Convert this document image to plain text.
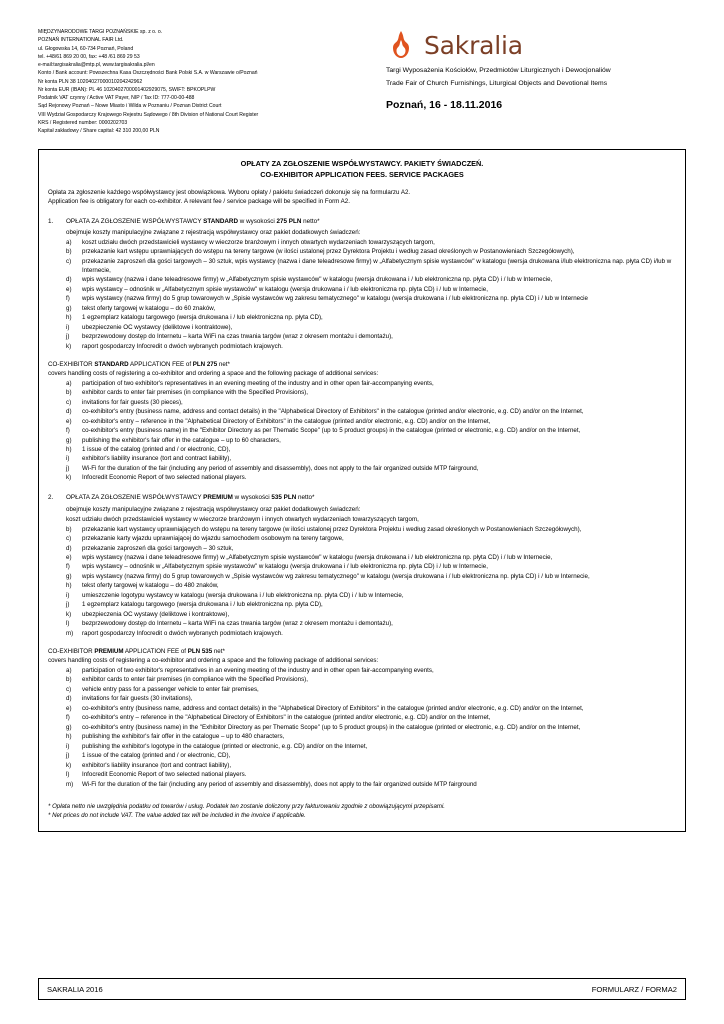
MIĘDZYNARODOWE TARGI POZNAŃSKIE sp. z o. o.
POZNAŃ INTERNATIONAL FAIR Ltd.
ul. Głogowska 14, 60-734 Poznań, Poland
tel. +48/61 869 20 00, fax: +48 /61 869 29 53
e-mail:targisakralia@mtp.pl, www.targisakralia.pl/en
Konto / Bank account: Powszechna Kasa Oszczędności Bank Polski S.A. w Warszawie o/Poznań
Nr konta PLN 38 10204027000010204242962
Nr konta EUR (IBAN): PL 46 1020402700001402929075, SWIFT: BPKOPLPW
Podatnik VAT czynny / Active VAT Payer, NIP / Tax ID: 777-00-00-488
Sąd Rejonowy Poznań – Nowe Miasto i Wilda w Poznaniu / Poznan District Court
VIII Wydział Gospodarczy Krajowego Rejestru Sądowego / 8th Division of National Court Register
KRS / Registered number: 0000202703
Kapitał zakładowy / Share capital: 42 310 200,00 PLN
Sakralia
Targi Wyposażenia Kościołów, Przedmiotów Liturgicznych i Dewocjonaliów
Trade Fair of Church Furnishings, Liturgical Objects and Devotional Items
Poznań, 16 - 18.11.2016
OPŁATY ZA ZGŁOSZENIE WSPÓŁWYSTAWCY. PAKIETY ŚWIADCZEŃ.
CO-EXHIBITOR APPLICATION FEES. SERVICE PACKAGES
Opłata za zgłoszenie każdego współwystawcy jest obowiązkowa. Wyboru opłaty / pakietu świadczeń dokonuje się na formularzu A2.
Application fee is obligatory for each co-exhibitor. A relevant fee / service package will be specified in Form A2.
1.	OPŁATA ZA ZGŁOSZENIE WSPÓŁWYSTAWCY STANDARD w wysokości 275 PLN netto*
obejmuje koszty manipulacyjne związane z rejestracją współwystawcy oraz pakiet dodatkowych świadczeń:
a)	koszt udziału dwóch przedstawicieli wystawcy w wieczorze branżowym i innych otwartych wydarzeniach towarzyszących targom,
b)	przekazanie kart wstępu uprawniających do wstępu na tereny targowe (w ilości ustalonej przez Dyrektora Projektu i według zasad określonych w Postanowieniach Szczegółowych),
c)	przekazanie zaproszeń dla gości targowych – 30 sztuk, wpis wystawcy (nazwa i dane teleadresowe firmy) w „Alfabetycznym spisie wystawców" w katalogu (wersja drukowana i/lub elektroniczna nap. płyta CD) i/lub w Internecie,
d)	wpis wystawcy (nazwa i dane teleadresowe firmy) w „Alfabetycznym spisie wystawców" w katalogu (wersja drukowana i / lub elektroniczna np. płyta CD) i / lub w Internecie,
e)	wpis wystawcy – odnośnik w „Alfabetycznym spisie wystawców" w katalogu (wersja drukowana i / lub elektroniczna np. płyta CD) i / lub w Internecie,
f)	wpis wystawcy (nazwa firmy) do 5 grup towarowych w „Spisie wystawców wg zakresu tematycznego" w katalogu (wersja drukowana i / lub elektroniczna np. płyta CD) i / lub w Internecie
g)	tekst oferty targowej w katalogu – do 60 znaków,
h)	1 egzemplarz katalogu targowego (wersja drukowana i / lub elektroniczna np. płyta CD),
i)	ubezpieczenie OC wystawcy (deliktowe i kontraktowe),
j)	bezprzewodowy dostęp do Internetu – karta WiFi na czas trwania targów (wraz z okresem montażu i demontażu),
k)	raport gospodarczy Infocredit o dwóch wybranych podmiotach krajowych.
CO-EXHIBITOR STANDARD APPLICATION FEE of PLN 275 net*
covers handling costs of registering a co-exhibitor and ordering a space and the following package of additional services:
a)	participation of two exhibitor's representatives in an evening meeting of the industry and in other open fair-accompanying events,
b)	exhibitor cards to enter fair premises (in compliance with the Specified Provisions),
c)	invitations for fair guests (30 pieces),
d)	co-exhibitor's entry (business name, address and contact details) in the "Alphabetical Directory of Exhibitors" in the catalogue (printed and/or electronic, e.g. CD) and/or on the Internet,
e)	co-exhibitor's entry – reference in the "Alphabetical Directory of Exhibitors" in the catalogue (printed and/or electronic, e.g. CD) and/or on the Internet,
f)	co-exhibitor's entry (business name) in the "Exhibitor Directory as per Thematic Scope" (up to 5 product groups) in the catalogue (printed or electronic, e.g. CD) and/or on the Internet,
g)	publishing the exhibitor's fair offer in the catalogue – up to 60 characters,
h)	1 issue of the catalog (printed and / or electronic, CD),
i)	exhibitor's liability insurance (tort and contract liability),
j)	Wi-Fi for the duration of the fair (including any period of assembly and disassembly), does not apply to the fair organized outside MTP fairground,
k)	Infocredit Economic Report of two selected national players.
2.	OPŁATA ZA ZGŁOSZENIE WSPÓŁWYSTAWCY PREMIUM w wysokości 535 PLN netto*
obejmuje koszty manipulacyjne związane z rejestracją współwystawcy oraz pakiet dodatkowych świadczeń:
koszt udziału dwóch przedstawicieli wystawcy w wieczorze branżowym i innych otwartych wydarzeniach towarzyszących targom,
b)	przekazanie kart wystawcy uprawniających do wstępu na tereny targowe (w ilości ustalonej przez Dyrektora Projektu i według zasad określonych w Postanowieniach Szczegółowych),
c)	przekazanie karty wjazdu uprawniającej do wjazdu samochodem osobowym na tereny targowe,
d)	przekazanie zaproszeń dla gości targowych – 30 sztuk,
e)	wpis wystawcy (nazwa i dane teleadresowe firmy) w „Alfabetycznym spisie wystawców" w katalogu (wersja drukowana i / lub elektroniczna np. płyta CD) i / lub w Internecie,
f)	wpis wystawcy – odnośnik w „Alfabetycznym spisie wystawców" w katalogu (wersja drukowana i / lub elektroniczna np. płyta CD) i / lub w Internecie,
g)	wpis wystawcy (nazwa firmy) do 5 grup towarowych w „Spisie wystawców wg zakresu tematycznego" w katalogu (wersja drukowana i / lub elektroniczna np. płyta CD) i / lub w Internecie,
h)	tekst oferty targowej w katalogu – do 480 znaków,
i)	umieszczenie logotypu wystawcy w katalogu (wersja drukowana i / lub elektroniczna np. płyta CD) i / lub w Internecie,
j)	1 egzemplarz katalogu targowego (wersja drukowana i / lub elektroniczna np. płyta CD),
k)	ubezpieczenia OC wystawy (deliktowe i kontraktowe),
l)	bezprzewodowy dostęp do Internetu – karta WiFi na czas trwania targów (wraz z okresem montażu i demontażu),
m)	raport gospodarczy Infocredit o dwóch wybranych podmiotach krajowych.
CO-EXHIBITOR PREMIUM APPLICATION FEE of PLN 535 net*
covers handling costs of registering a co-exhibitor and ordering a space and the following package of additional services:
a)	participation of two exhibitor's representatives in an evening meeting of the industry and in other open fair-accompanying events,
b)	exhibitor cards to enter fair premises (in compliance with the Specified Provisions),
c)	vehicle entry pass for a passenger vehicle to enter fair premises,
d)	invitations for fair guests (30 invitations),
e)	co-exhibitor's entry (business name, address and contact details) in the "Alphabetical Directory of Exhibitors" in the catalogue (printed and/or electronic, e.g. CD) and/or on the Internet,
f)	co-exhibitor's entry – reference in the "Alphabetical Directory of Exhibitors" in the catalogue (printed and/or electronic, e.g. CD) and/or on the Internet,
g)	co-exhibitor's entry (business name) in the "Exhibitor Directory as per Thematic Scope" (up to 5 product groups) in the catalogue (printed or electronic, e.g. CD) and/or on the Internet,
h)	publishing the exhibitor's fair offer in the catalogue – up to 480 characters,
i)	publishing the exhibitor's logotype in the catalogue (printed or electronic, e.g. CD) and/or on the Internet,
j)	1 issue of the catalog (printed and / or electronic, CD),
k)	exhibitor's liability insurance (tort and contract liability),
l)	Infocredit Economic Report of two selected national players.
m)	Wi-Fi for the duration of the fair (including any period of assembly and disassembly), does not apply to the fair organized outside MTP fairground
* Opłata netto nie uwzględnia podatku od towarów i usług. Podatek ten zostanie doliczony przy fakturowaniu zgodnie z obowiązującymi przepisami.
* Net prices do not include VAT. The value added tax will be included in the invoice if applicable.
SAKRALIA 2016	FORMULARZ / FORMA2
